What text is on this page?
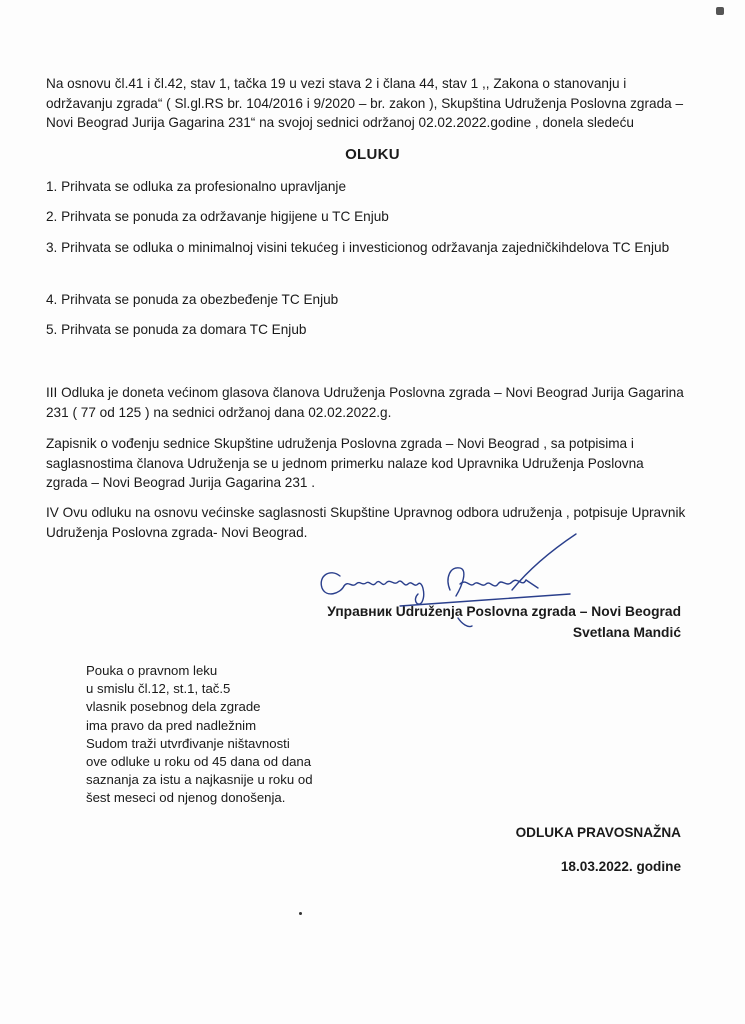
Na osnovu čl.41 i čl.42, stav 1, tačka 19 u vezi stava 2 i člana 44, stav 1 ,, Zakona o stanovanju i održavanju zgrada“ ( Sl.gl.RS br. 104/2016 i 9/2020 – br. zakon ), Skupština Udruženja Poslovna zgrada – Novi Beograd Jurija Gagarina 231“ na svojoj sednici održanoj 02.02.2022.godine , donela sledeću

OLUKU

1. Prihvata se odluka za profesionalno upravljanje

2. Prihvata se ponuda za održavanje higijene u TC Enjub

3. Prihvata se odluka o minimalnoj visini tekućeg i investicionog održavanja zajedničkihdelova TC Enjub

4. Prihvata se ponuda za obezbeđenje TC Enjub

5. Prihvata se ponuda za domara TC Enjub

III Odluka je doneta većinom glasova članova Udruženja Poslovna zgrada – Novi Beograd Jurija Gagarina 231 ( 77 od 125 ) na sednici održanoj dana 02.02.2022.g.

Zapisnik o vođenju sednice Skupštine udruženja Poslovna zgrada – Novi Beograd , sa potpisima i saglasnostima članova Udruženja se u jednom primerku nalaze kod Upravnika Udruženja Poslovna zgrada – Novi Beograd Jurija Gagarina 231 .

IV Ovu odluku na osnovu većinske saglasnosti Skupštine Upravnog odbora udruženja , potpisuje Upravnik Udruženja Poslovna zgrada- Novi Beograd.

Управник Udruženja Poslovna zgrada – Novi Beograd
Svetlana Mandić
Pouka o pravnom leku
u smislu čl.12, st.1, tač.5
vlasnik posebnog dela zgrade
ima pravo da pred nadležnim
Sudom traži utvrđivanje ništavnosti
ove odluke u roku od 45 dana od dana
saznanja za istu a najkasnije u roku od
šest meseci od njenog donošenja.
ODLUKA PRAVOSNAŽNA
18.03.2022. godine
